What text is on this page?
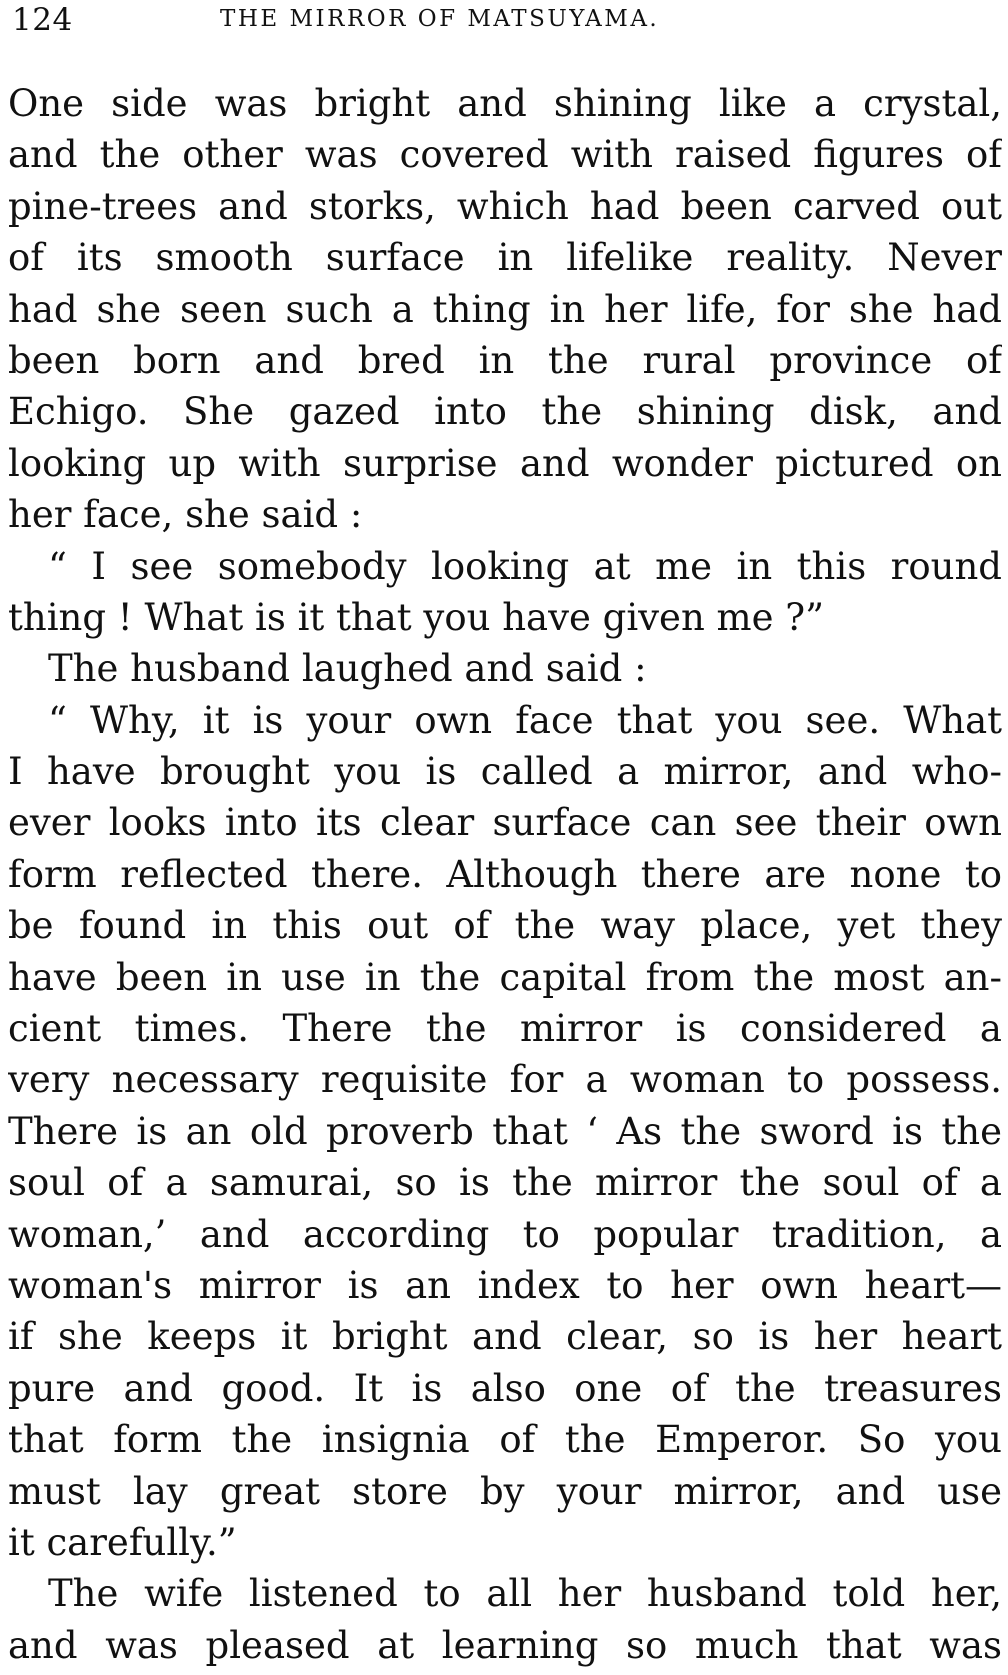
124	THE MIRROR OF MATSUYAMA.
One side was bright and shining like a crystal,
and the other was covered with raised figures of
pine-trees and storks, which had been carved out
of its smooth surface in lifelike reality. Never
had she seen such a thing in her life, for she had
been born and bred in the rural province of
Echigo. She gazed into the shining disk, and
looking up with surprise and wonder pictured on
her face, she said :
“ I see somebody looking at me in this round
thing ! What is it that you have given me ?”
The husband laughed and said :
“ Why, it is your own face that you see. What
I have brought you is called a mirror, and who-
ever looks into its clear surface can see their own
form reflected there. Although there are none to
be found in this out of the way place, yet they
have been in use in the capital from the most an-
cient times. There the mirror is considered a
very necessary requisite for a woman to possess.
There is an old proverb that ‘ As the sword is the
soul of a samurai, so is the mirror the soul of a
woman,’ and according to popular tradition, a
woman's mirror is an index to her own heart—
if she keeps it bright and clear, so is her heart
pure and good. It is also one of the treasures
that form the insignia of the Emperor. So you
must lay great store by your mirror, and use
it carefully.”
The wife listened to all her husband told her,
and was pleased at learning so much that was
